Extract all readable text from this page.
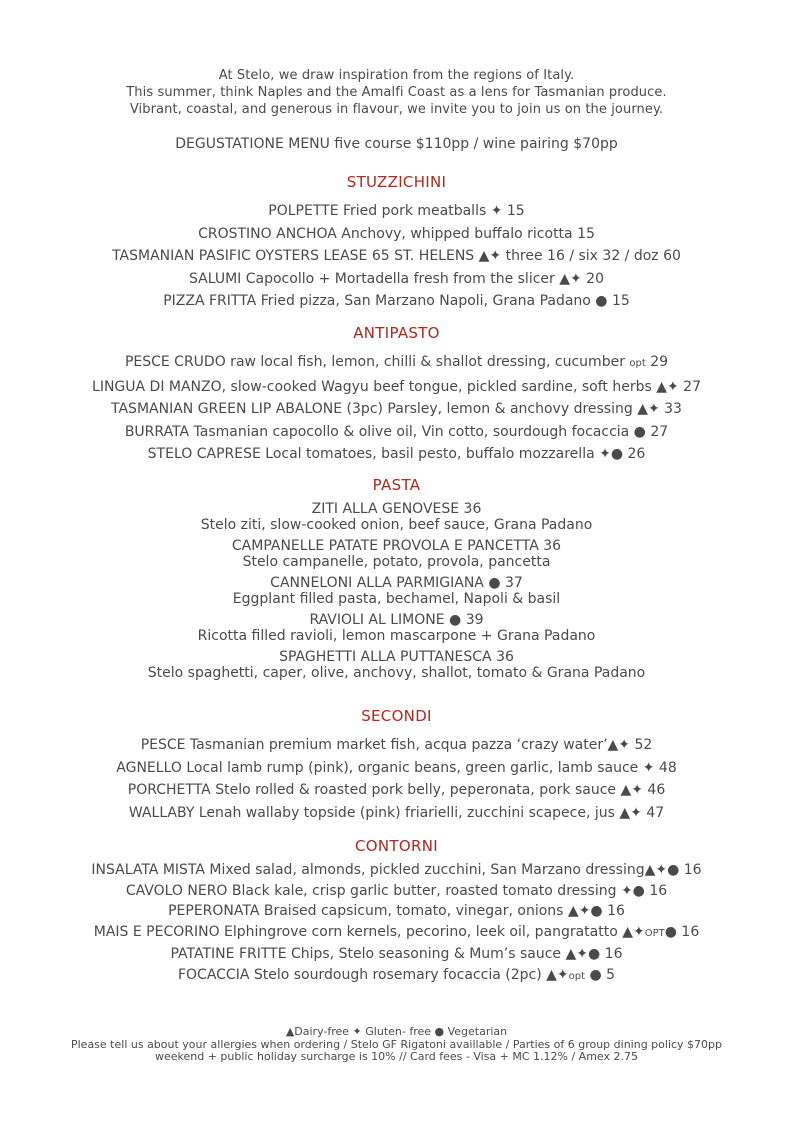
At Stelo, we draw inspiration from the regions of Italy.
This summer, think Naples and the Amalfi Coast as a lens for Tasmanian produce.
Vibrant, coastal, and generous in flavour, we invite you to join us on the journey.
DEGUSTATIONE MENU five course $110pp / wine pairing $70pp
STUZZICHINI
POLPETTE Fried pork meatballs ✦ 15
CROSTINO ANCHOA Anchovy, whipped buffalo ricotta 15
TASMANIAN PASIFIC OYSTERS LEASE 65 ST. HELENS ▲✦ three 16 / six 32 / doz 60
SALUMI Capocollo + Mortadella fresh from the slicer ▲✦ 20
PIZZA FRITTA Fried pizza, San Marzano Napoli, Grana Padano ● 15
ANTIPASTO
PESCE CRUDO raw local fish, lemon, chilli & shallot dressing, cucumber opt 29
LINGUA DI MANZO, slow-cooked Wagyu beef tongue, pickled sardine, soft herbs ▲✦ 27
TASMANIAN GREEN LIP ABALONE (3pc) Parsley, lemon & anchovy dressing ▲✦ 33
BURRATA Tasmanian capocollo & olive oil, Vin cotto, sourdough focaccia ● 27
STELO CAPRESE Local tomatoes, basil pesto, buffalo mozzarella ✦● 26
PASTA
ZITI ALLA GENOVESE 36
Stelo ziti, slow-cooked onion, beef sauce, Grana Padano
CAMPANELLE PATATE PROVOLA E PANCETTA 36
Stelo campanelle, potato, provola, pancetta
CANNELONI ALLA PARMIGIANA ● 37
Eggplant filled pasta, bechamel, Napoli & basil
RAVIOLI AL LIMONE ● 39
Ricotta filled ravioli, lemon mascarpone + Grana Padano
SPAGHETTI ALLA PUTTANESCA 36
Stelo spaghetti, caper, olive, anchovy, shallot, tomato & Grana Padano
SECONDI
PESCE Tasmanian premium market fish, acqua pazza ‘crazy water’▲✦ 52
AGNELLO Local lamb rump (pink), organic beans, green garlic, lamb sauce ✦ 48
PORCHETTA Stelo rolled & roasted pork belly, peperonata, pork sauce ▲✦ 46
WALLABY Lenah wallaby topside (pink) friarielli, zucchini scapece, jus ▲✦ 47
CONTORNI
INSALATA MISTA Mixed salad, almonds, pickled zucchini, San Marzano dressing▲✦● 16
CAVOLO NERO Black kale, crisp garlic butter, roasted tomato dressing ✦● 16
PEPERONATA Braised capsicum, tomato, vinegar, onions ▲✦● 16
MAIS E PECORINO Elphingrove corn kernels, pecorino, leek oil, pangratatto ▲✦OPT● 16
PATATINE FRITTE Chips, Stelo seasoning & Mum’s sauce ▲✦● 16
FOCACCIA Stelo sourdough rosemary focaccia (2pc) ▲✦opt ● 5
▲Dairy-free ✦ Gluten- free ● Vegetarian
Please tell us about your allergies when ordering / Stelo GF Rigatoni availlable / Parties of 6 group dining policy $70pp
weekend + public holiday surcharge is 10% // Card fees - Visa + MC 1.12% / Amex 2.75
